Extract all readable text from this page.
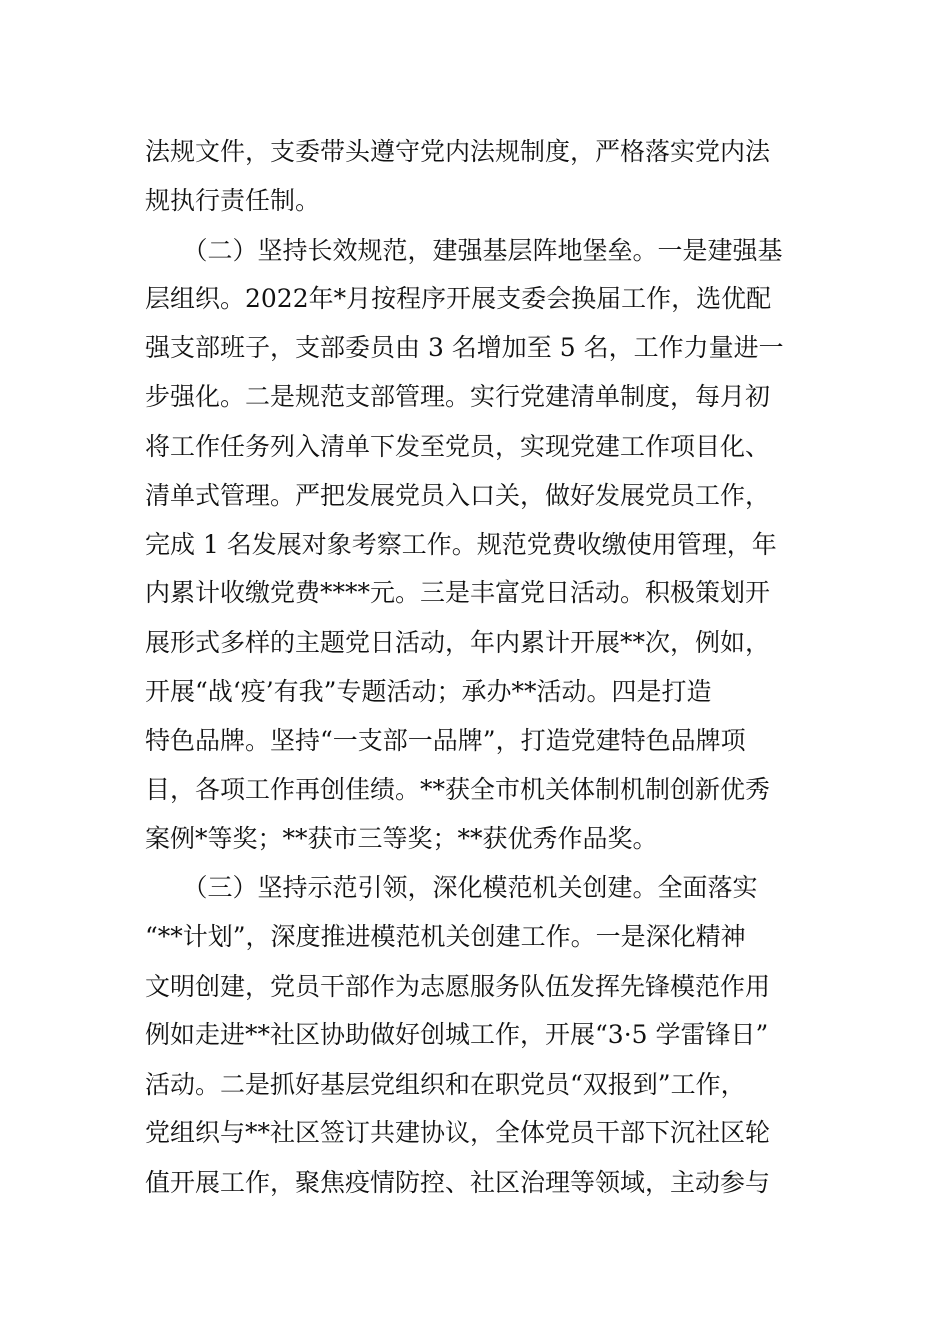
法规文件，支委带头遵守党内法规制度，严格落实党内法
规执行责任制。
　　（二）坚持长效规范，建强基层阵地堡垒。一是建强基
层组织。2022年*月按程序开展支委会换届工作，选优配
强支部班子，支部委员由 3 名增加至 5 名，工作力量进一
步强化。二是规范支部管理。实行党建清单制度，每月初
将工作任务列入清单下发至党员，实现党建工作项目化、
清单式管理。严把发展党员入口关，做好发展党员工作，
完成 1 名发展对象考察工作。规范党费收缴使用管理，年
内累计收缴党费****元。三是丰富党日活动。积极策划开
展形式多样的主题党日活动，年内累计开展**次，例如，
开展“战‘疫’有我”专题活动；承办**活动。四是打造
特色品牌。坚持“一支部一品牌”，打造党建特色品牌项
目，各项工作再创佳绩。**获全市机关体制机制创新优秀
案例*等奖；**获市三等奖；**获优秀作品奖。
　　（三）坚持示范引领，深化模范机关创建。全面落实
“**计划”，深度推进模范机关创建工作。一是深化精神
文明创建，党员干部作为志愿服务队伍发挥先锋模范作用
例如走进**社区协助做好创城工作，开展“3·5 学雷锋日”
活动。二是抓好基层党组织和在职党员“双报到”工作，
党组织与**社区签订共建协议，全体党员干部下沉社区轮
值开展工作，聚焦疫情防控、社区治理等领域，主动参与
